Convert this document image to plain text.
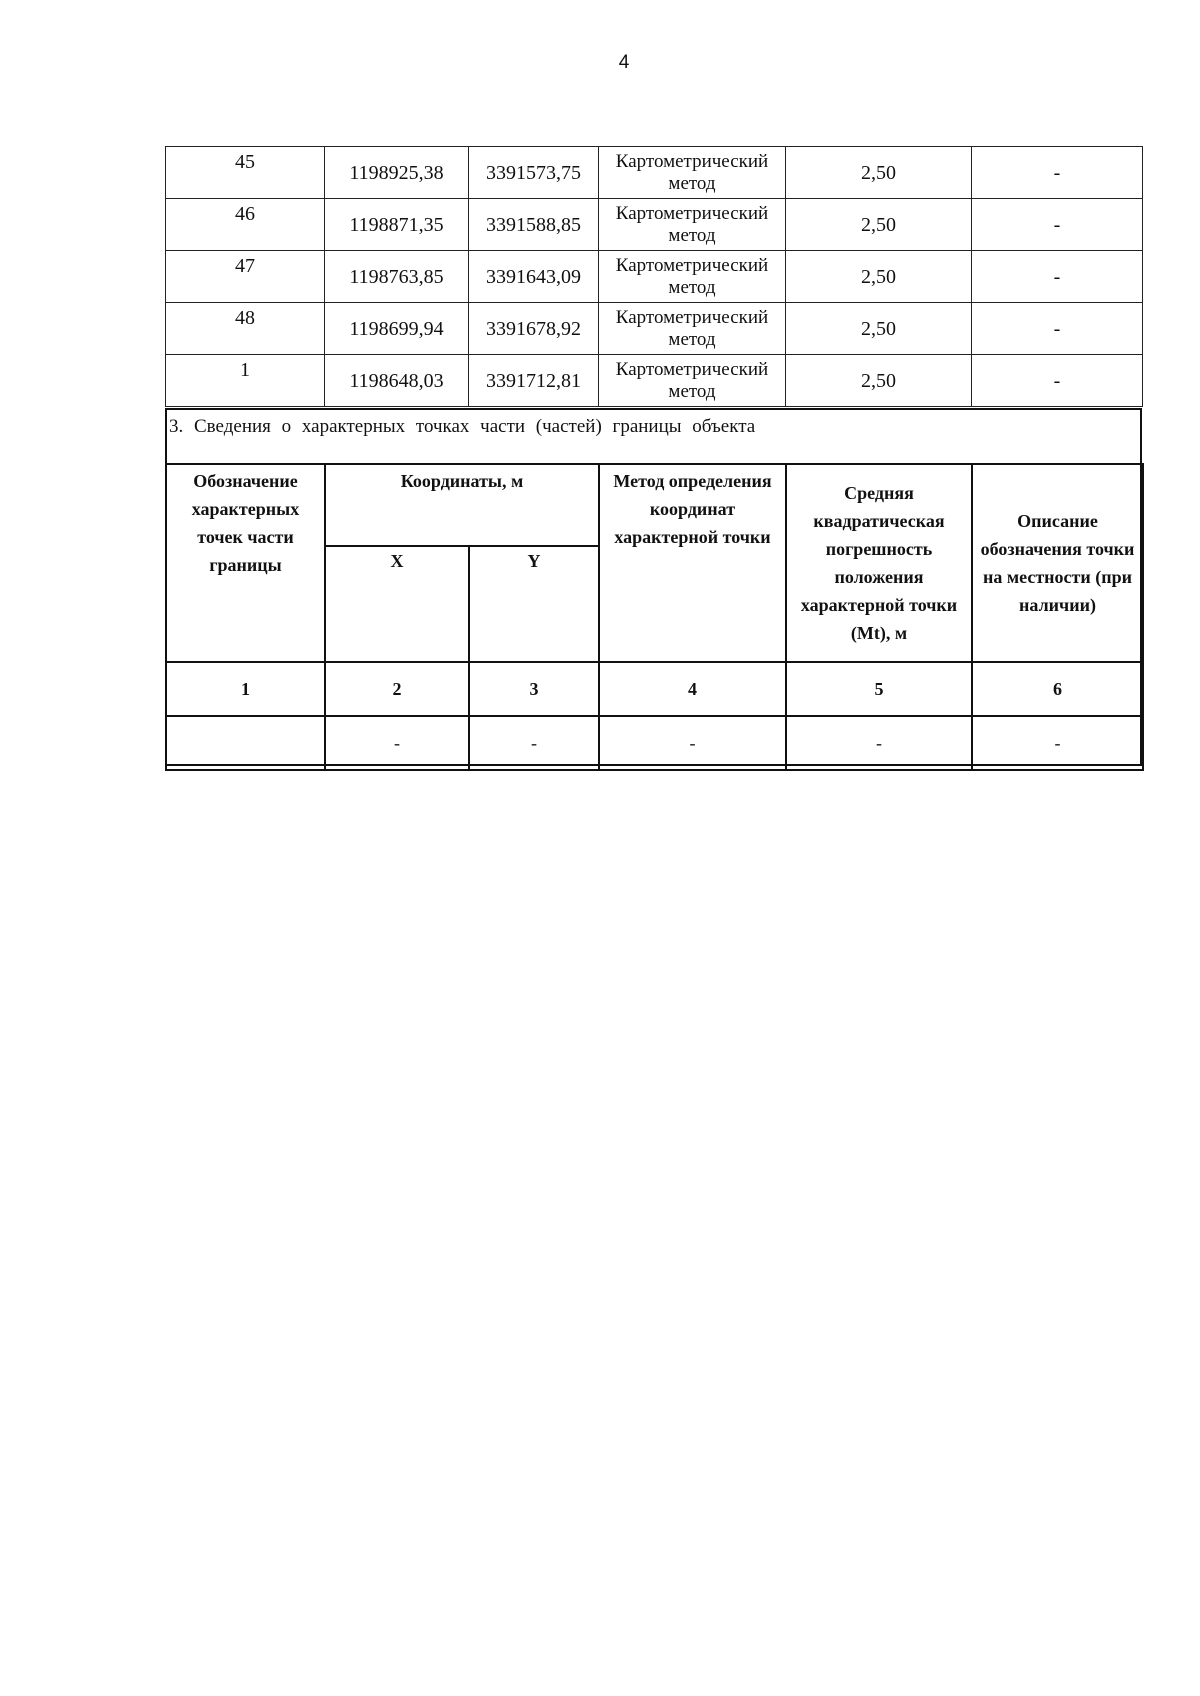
4
45	1198925,38	3391573,75	Картометрический метод	2,50	-
46	1198871,35	3391588,85	Картометрический метод	2,50	-
47	1198763,85	3391643,09	Картометрический метод	2,50	-
48	1198699,94	3391678,92	Картометрический метод	2,50	-
1	1198648,03	3391712,81	Картометрический метод	2,50	-
3. Сведения о характерных точках части (частей) границы объекта
Обозначение характерных точек части границы	Координаты, м		Метод определения координат характерной точки	Средняя квадратическая погрешность положения характерной точки (Mt), м	Описание обозначения точки на местности (при наличии)
	X	Y			
1	2	3	4	5	6
	-	-	-	-	-
